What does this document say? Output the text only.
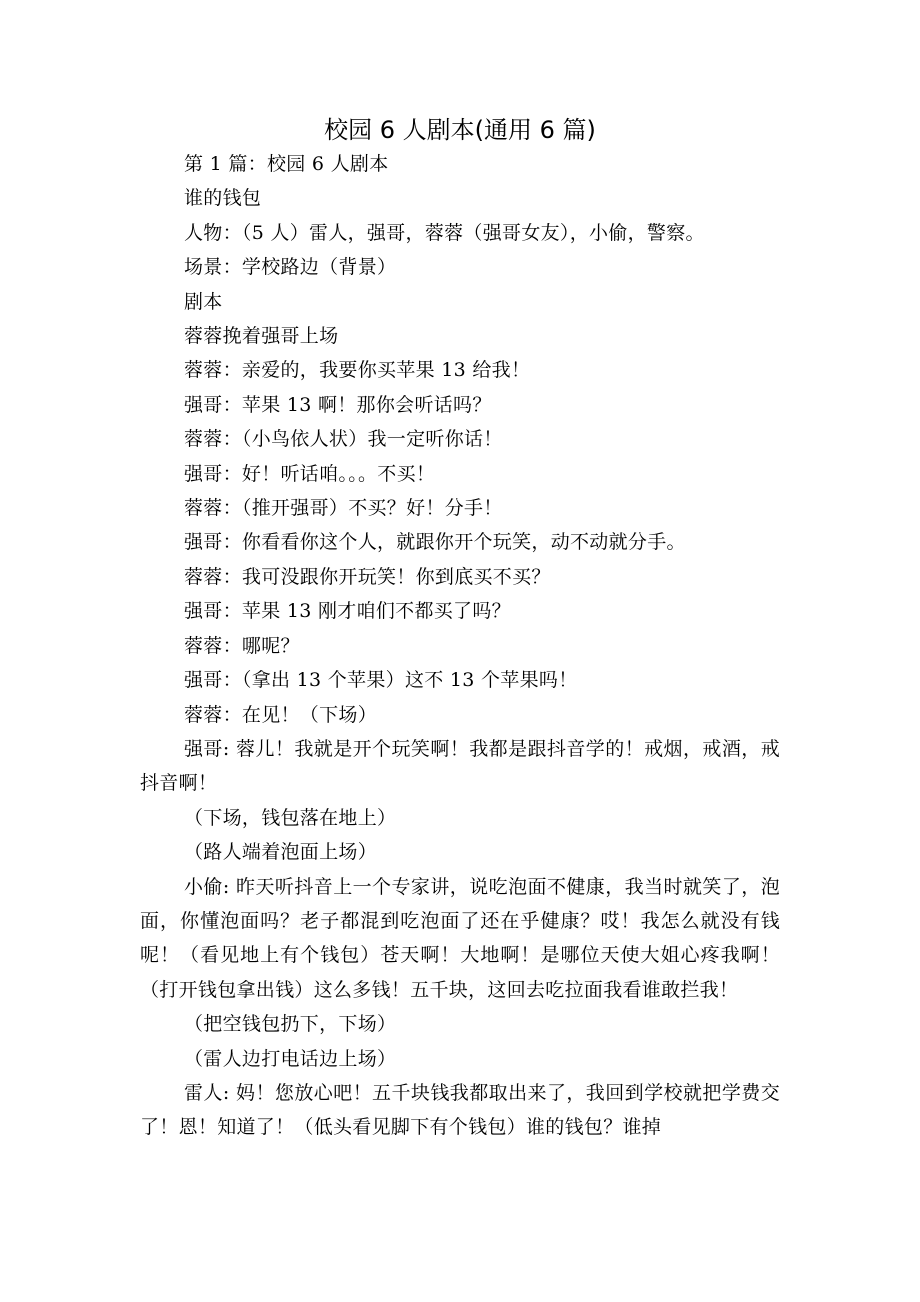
校园 6 人剧本(通用 6 篇)

第 1 篇：校园 6 人剧本

谁的钱包

人物：（5 人）雷人，强哥，蓉蓉（强哥女友），小偷，警察。

场景：学校路边（背景）

剧本

蓉蓉挽着强哥上场

蓉蓉：亲爱的，我要你买苹果 13 给我！

强哥：苹果 13 啊！那你会听话吗？

蓉蓉：（小鸟依人状）我一定听你话！

强哥：好！听话咱。。。不买！

蓉蓉：（推开强哥）不买？好！分手！

强哥：你看看你这个人，就跟你开个玩笑，动不动就分手。

蓉蓉：我可没跟你开玩笑！你到底买不买？

强哥：苹果 13 刚才咱们不都买了吗？

蓉蓉：哪呢？

强哥：（拿出 13 个苹果）这不 13 个苹果吗！

蓉蓉：在见！（下场）

强哥: 蓉儿！我就是开个玩笑啊！我都是跟抖音学的！戒烟，戒酒，戒抖音啊！

（下场，钱包落在地上）

（路人端着泡面上场）

小偷: 昨天听抖音上一个专家讲，说吃泡面不健康，我当时就笑了，泡面，你懂泡面吗？老子都混到吃泡面了还在乎健康？哎！我怎么就没有钱呢！（看见地上有个钱包）苍天啊！大地啊！是哪位天使大姐心疼我啊！（打开钱包拿出钱）这么多钱！五千块，这回去吃拉面我看谁敢拦我！

（把空钱包扔下，下场）

（雷人边打电话边上场）

雷人: 妈！您放心吧！五千块钱我都取出来了，我回到学校就把学费交了！恩！知道了！（低头看见脚下有个钱包）谁的钱包？谁掉
